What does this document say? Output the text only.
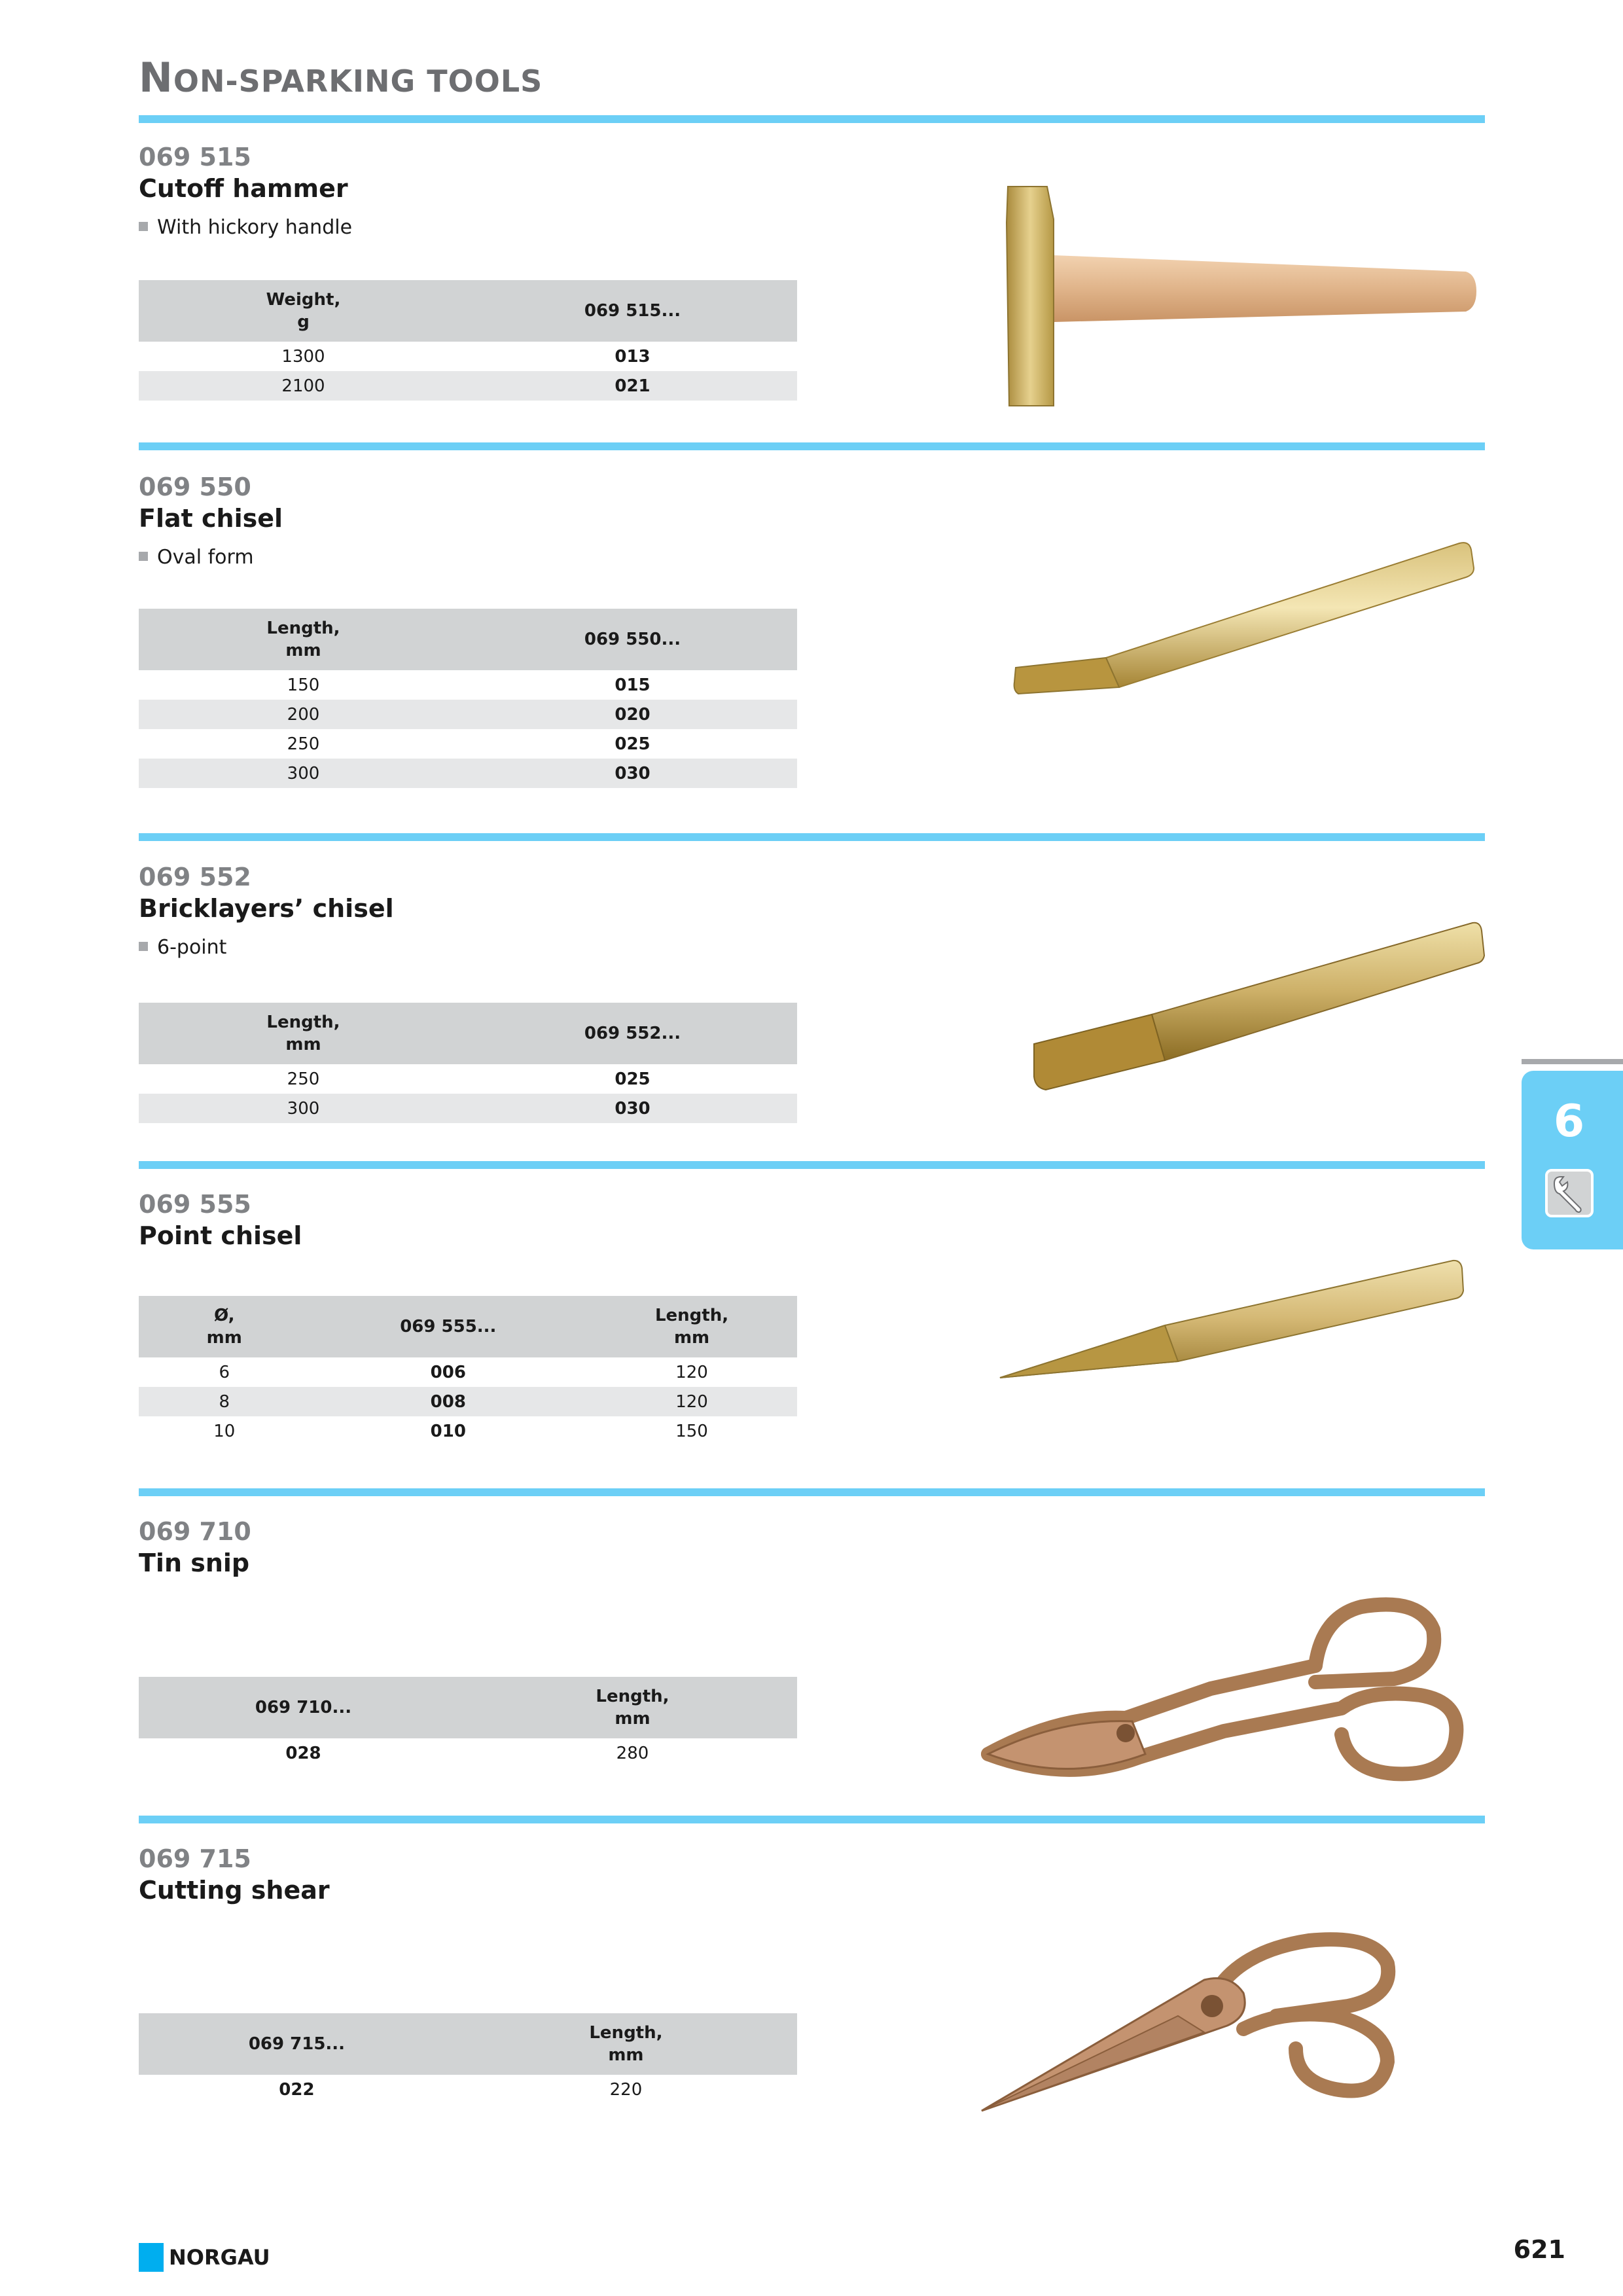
NON-SPARKING TOOLS
069 515
Cutoff hammer
With hickory handle
Weight,
g	069 515...
1300	013
2100	021
069 550
Flat chisel
Oval form
Length,
mm	069 550...
150	015
200	020
250	025
300	030
069 552
Bricklayers’ chisel
6-point
Length,
mm	069 552...
250	025
300	030
069 555
Point chisel
Ø,
mm	069 555...	Length,
mm
6	006	120
8	008	120
10	010	150
069 710
Tin snip
069 710...	Length,
mm
028	280
069 715
Cutting shear
069 715...	Length,
mm
022	220
6
NORGAU	621
